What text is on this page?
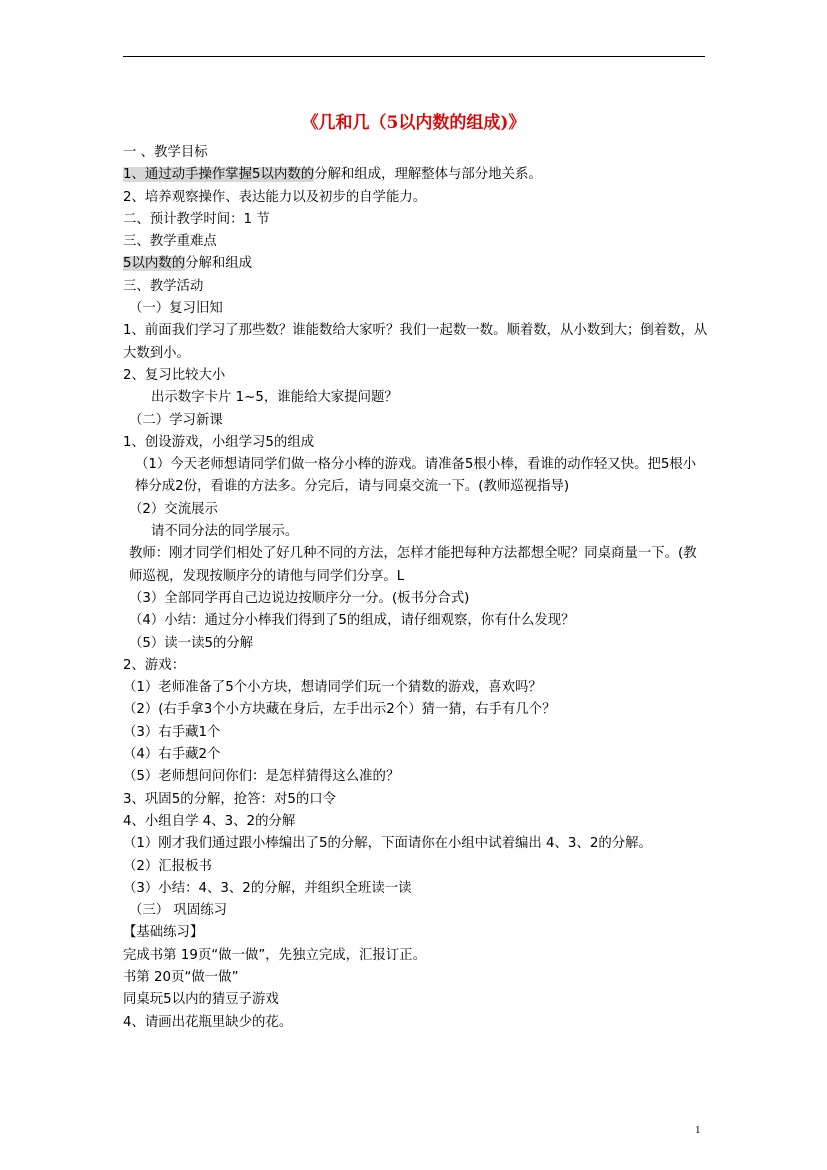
《几和几（5以内数的组成)》
一 、教学目标
1、通过动手操作掌握5以内数的分解和组成，理解整体与部分地关系。
2、培养观察操作、表达能力以及初步的自学能力。
二、预计教学时间：1 节
三、教学重难点
5以内数的分解和组成
三、教学活动
（一）复习旧知
1、前面我们学习了那些数？谁能数给大家听？我们一起数一数。顺着数，从小数到大；倒着数，从大数到小。
2、复习比较大小
出示数字卡片 1~5，谁能给大家提问题？
（二）学习新课
1、创设游戏，小组学习5的组成
（1）今天老师想请同学们做一格分小棒的游戏。请准备5根小棒，看谁的动作轻又快。把5根小棒分成2份，看谁的方法多。分完后，请与同桌交流一下。(教师巡视指导)
（2）交流展示
请不同分法的同学展示。
教师：刚才同学们相处了好几种不同的方法，怎样才能把每种方法都想全呢？同桌商量一下。(教师巡视，发现按顺序分的请他与同学们分享。L
（3）全部同学再自己边说边按顺序分一分。(板书分合式)
（4）小结：通过分小棒我们得到了5的组成，请仔细观察，你有什么发现？
（5）读一读5的分解
2、游戏：
（1）老师准备了5个小方块，想请同学们玩一个猜数的游戏，喜欢吗？
（2）(右手拿3个小方块藏在身后，左手出示2个）猜一猜，右手有几个？
（3）右手藏1个
（4）右手藏2个
（5）老师想问问你们：是怎样猜得这么准的？
3、巩固5的分解，抢答：对5的口令
4、小组自学 4、3、2的分解
（1）刚才我们通过跟小棒编出了5的分解，下面请你在小组中试着编出 4、3、2的分解。
（2）汇报板书
（3）小结：4、3、2的分解，并组织全班读一读
（三） 巩固练习
【基础练习】
完成书第 19页“做一做”，先独立完成，汇报订正。
书第 20页“做一做”
同桌玩5以内的猜豆子游戏
4、请画出花瓶里缺少的花。
1
